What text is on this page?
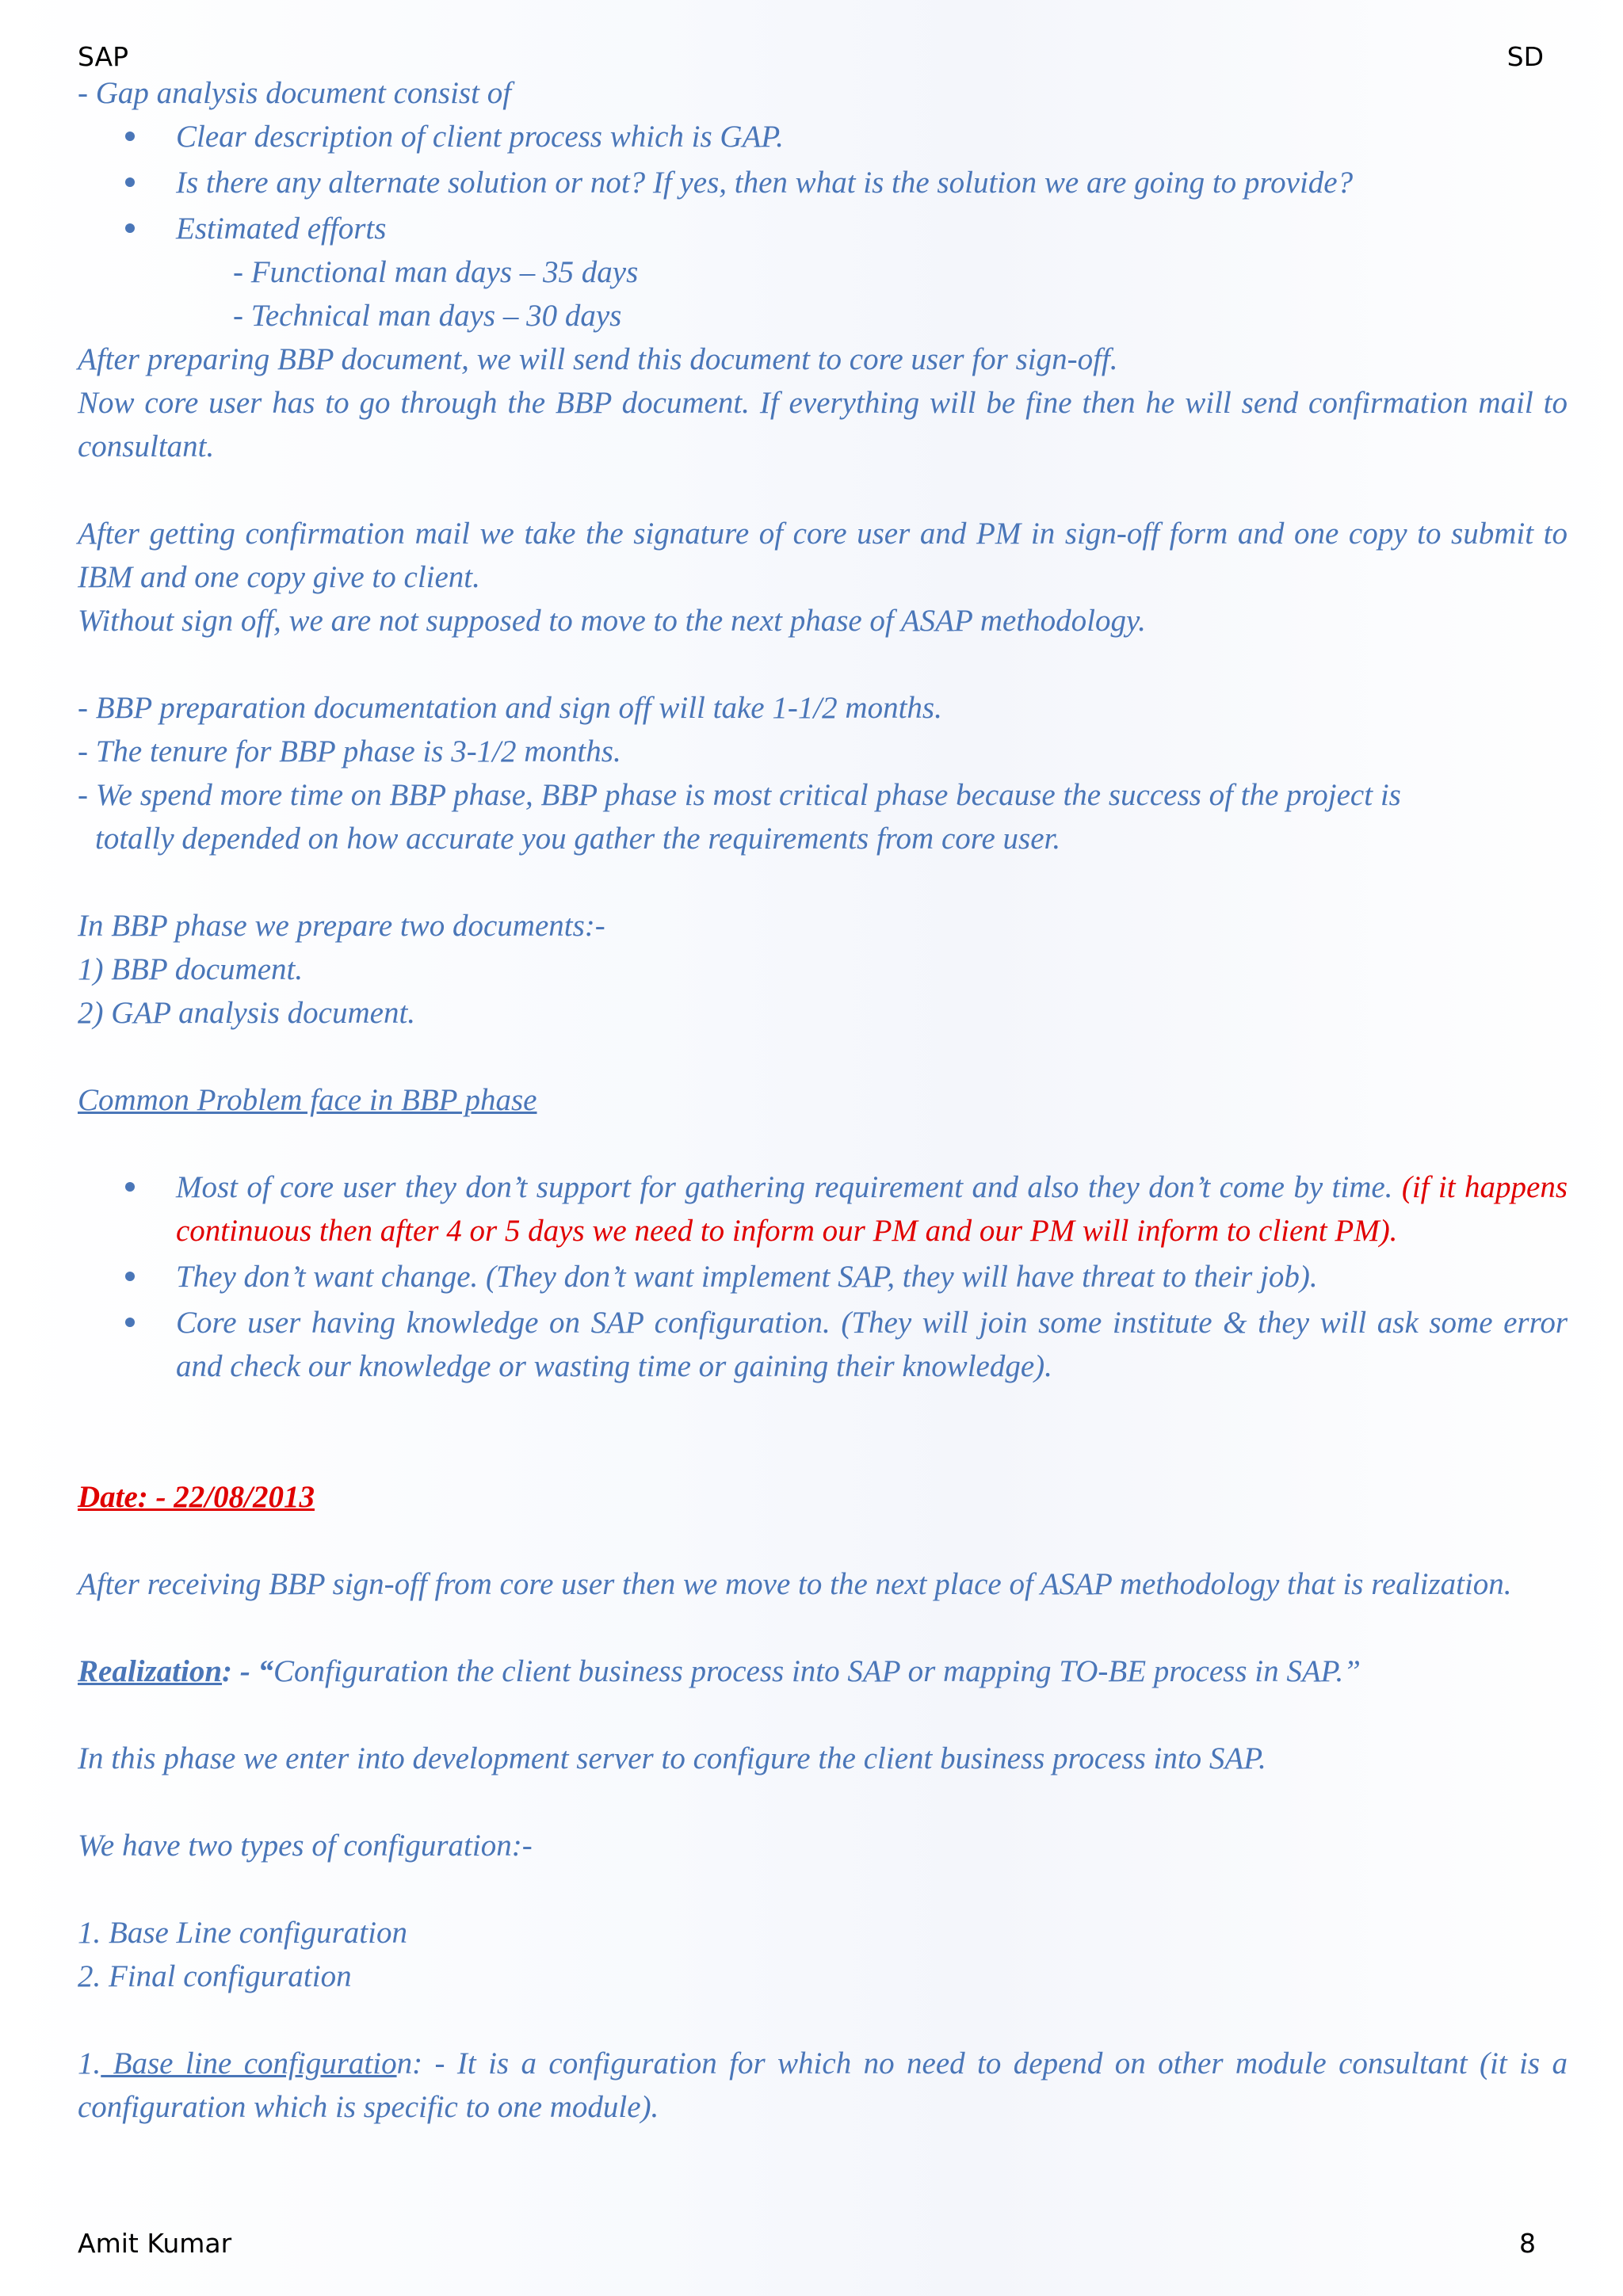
SAP	SD

- Gap analysis document consist of

Clear description of client process which is GAP.
Is there any alternate solution or not? If yes, then what is the solution we are going to provide?
Estimated efforts

- Functional man days – 35 days

- Technical man days – 30 days

After preparing BBP document, we will send this document to core user for sign-off.

Now core user has to go through the BBP document. If everything will be fine then he will send confirmation mail to consultant.

After getting confirmation mail we take the signature of core user and PM in sign-off form and one copy to submit to IBM and one copy give to client.

Without sign off, we are not supposed to move to the next phase of ASAP methodology.

- BBP preparation documentation and sign off will take 1-1/2 months.

- The tenure for BBP phase is 3-1/2 months.

- We spend more time on BBP phase, BBP phase is most critical phase because the success of the project is

totally depended on how accurate you gather the requirements from core user.

In BBP phase we prepare two documents:-

1) BBP document.

2) GAP analysis document.

Common Problem face in BBP phase

Most of core user they don’t support for gathering requirement and also they don’t come by time. (if it happens continuous then after 4 or 5 days we need to inform our PM and our PM will inform to client PM).
They don’t want change. (They don’t want implement SAP, they will have threat to their job).
Core user having knowledge on SAP configuration. (They will join some institute & they will ask some error and check our knowledge or wasting time or gaining their knowledge).

Date: - 22/08/2013

After receiving BBP sign-off from core user then we move to the next place of ASAP methodology that is realization.

Realization: - “Configuration the client business process into SAP or mapping TO-BE process in SAP.”

In this phase we enter into development server to configure the client business process into SAP.

We have two types of configuration:-

1. Base Line configuration

2. Final configuration

1. Base line configuration: - It is a configuration for which no need to depend on other module consultant (it is a configuration which is specific to one module).

Amit Kumar	8
